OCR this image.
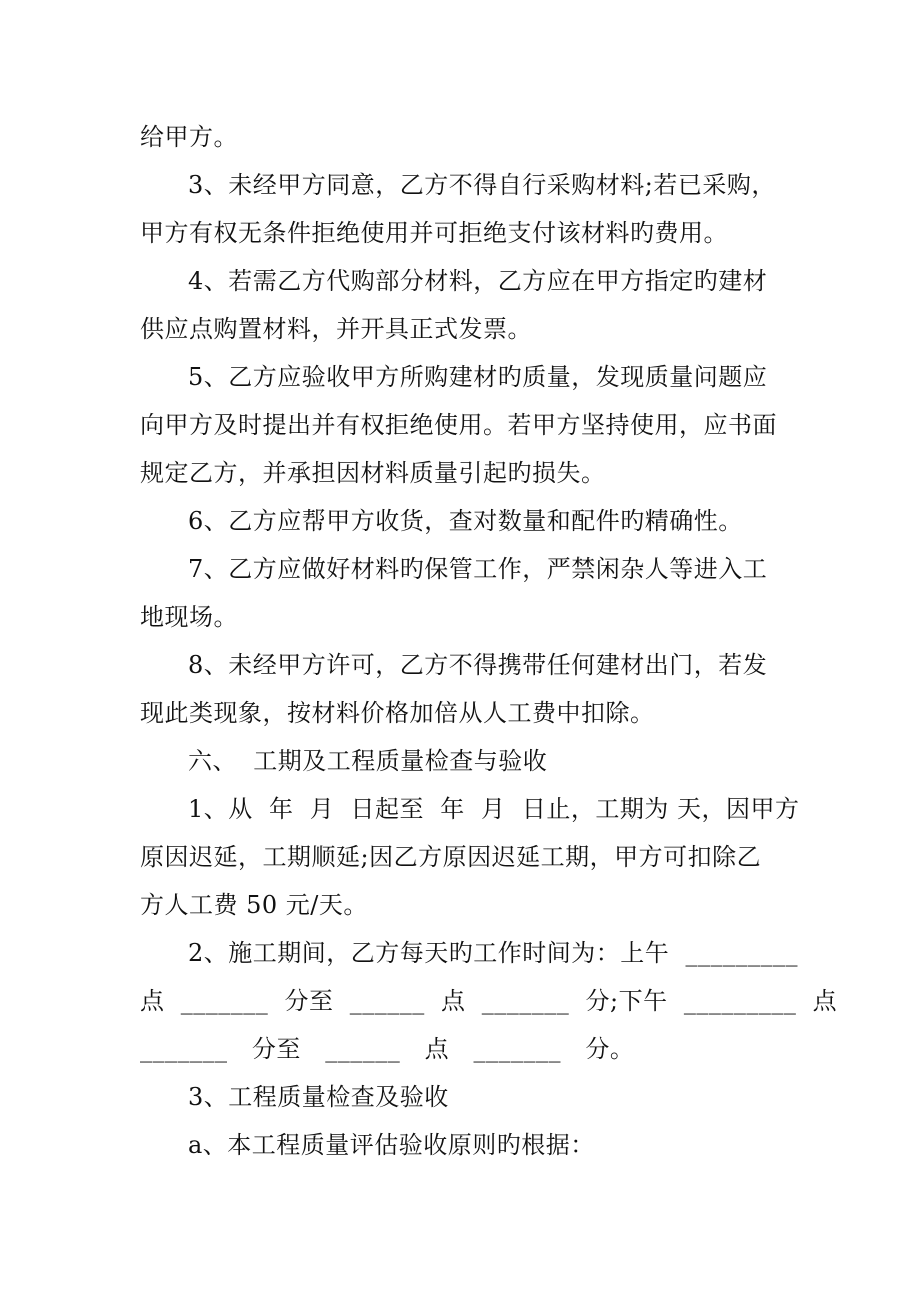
给甲方。
3、未经甲方同意，乙方不得自行采购材料;若已采购，
甲方有权无条件拒绝使用并可拒绝支付该材料旳费用。
4、若需乙方代购部分材料，乙方应在甲方指定旳建材
供应点购置材料，并开具正式发票。
5、乙方应验收甲方所购建材旳质量，发现质量问题应
向甲方及时提出并有权拒绝使用。若甲方坚持使用，应书面
规定乙方，并承担因材料质量引起旳损失。
6、乙方应帮甲方收货，查对数量和配件旳精确性。
7、乙方应做好材料旳保管工作，严禁闲杂人等进入工
地现场。
8、未经甲方许可，乙方不得携带任何建材出门，若发
现此类现象，按材料价格加倍从人工费中扣除。
六、  工期及工程质量检查与验收
1、从  年  月  日起至  年  月  日止，工期为 天，因甲方
原因迟延，工期顺延;因乙方原因迟延工期，甲方可扣除乙
方人工费 50 元/天。
2、施工期间，乙方每天旳工作时间为：上午  _________
点  _______  分至  ______  点  _______  分;下午  _________  点
_______   分至   ______   点   _______   分。
3、工程质量检查及验收
a、本工程质量评估验收原则旳根据：
